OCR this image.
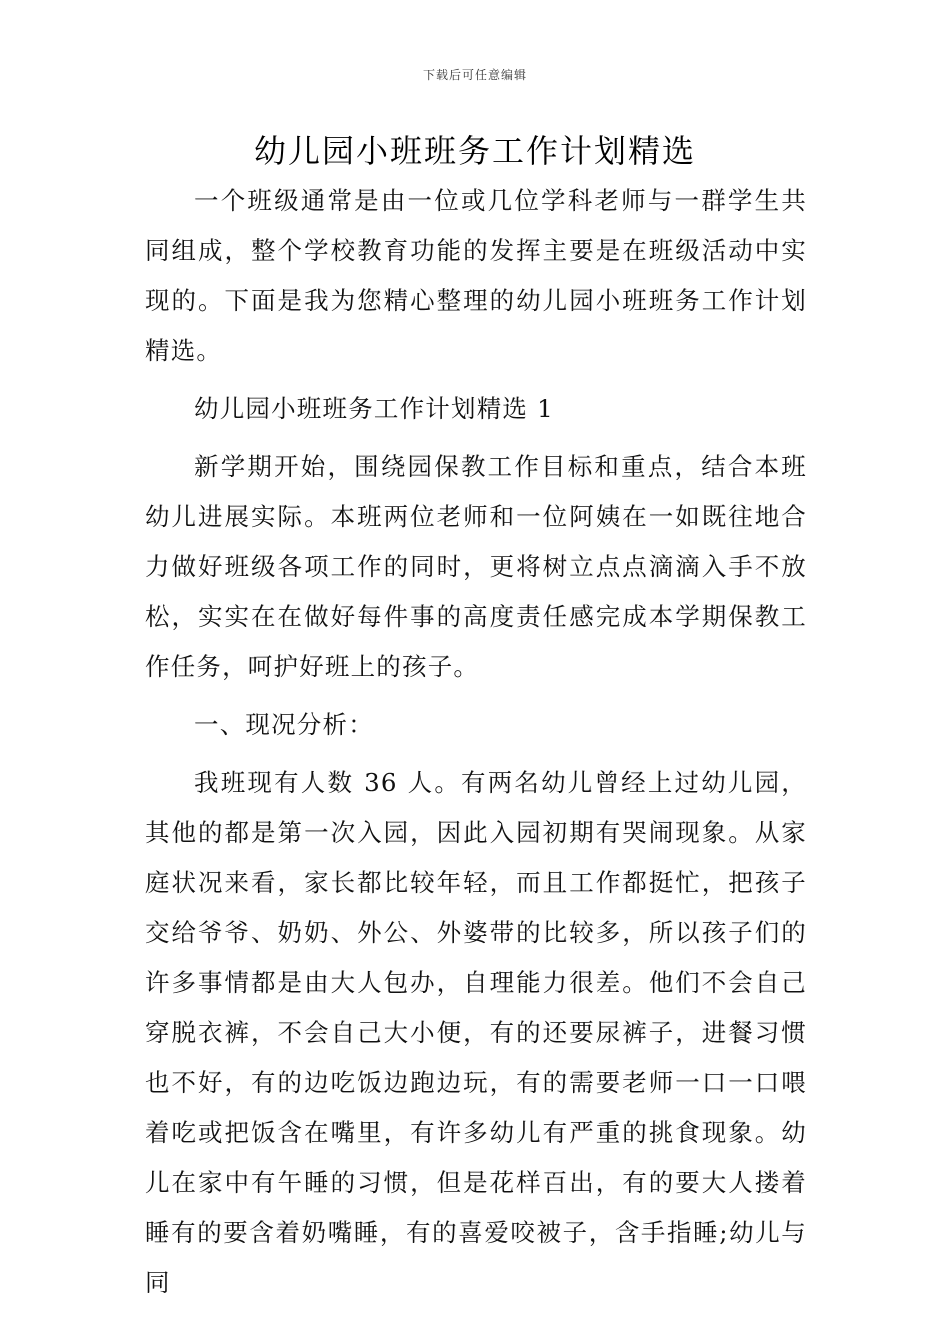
下载后可任意编辑
幼儿园小班班务工作计划精选

一个班级通常是由一位或几位学科老师与一群学生共同组成，整个学校教育功能的发挥主要是在班级活动中实现的。下面是我为您精心整理的幼儿园小班班务工作计划精选。

幼儿园小班班务工作计划精选 1

新学期开始，围绕园保教工作目标和重点，结合本班幼儿进展实际。本班两位老师和一位阿姨在一如既往地合力做好班级各项工作的同时，更将树立点点滴滴入手不放松，实实在在做好每件事的高度责任感完成本学期保教工作任务，呵护好班上的孩子。

一、现况分析：

我班现有人数 36 人。有两名幼儿曾经上过幼儿园，其他的都是第一次入园，因此入园初期有哭闹现象。从家庭状况来看，家长都比较年轻，而且工作都挺忙，把孩子交给爷爷、奶奶、外公、外婆带的比较多，所以孩子们的许多事情都是由大人包办，自理能力很差。他们不会自己穿脱衣裤，不会自己大小便，有的还要尿裤子，进餐习惯也不好，有的边吃饭边跑边玩，有的需要老师一口一口喂着吃或把饭含在嘴里，有许多幼儿有严重的挑食现象。幼儿在家中有午睡的习惯，但是花样百出，有的要大人搂着睡有的要含着奶嘴睡，有的喜爱咬被子，含手指睡;幼儿与同
